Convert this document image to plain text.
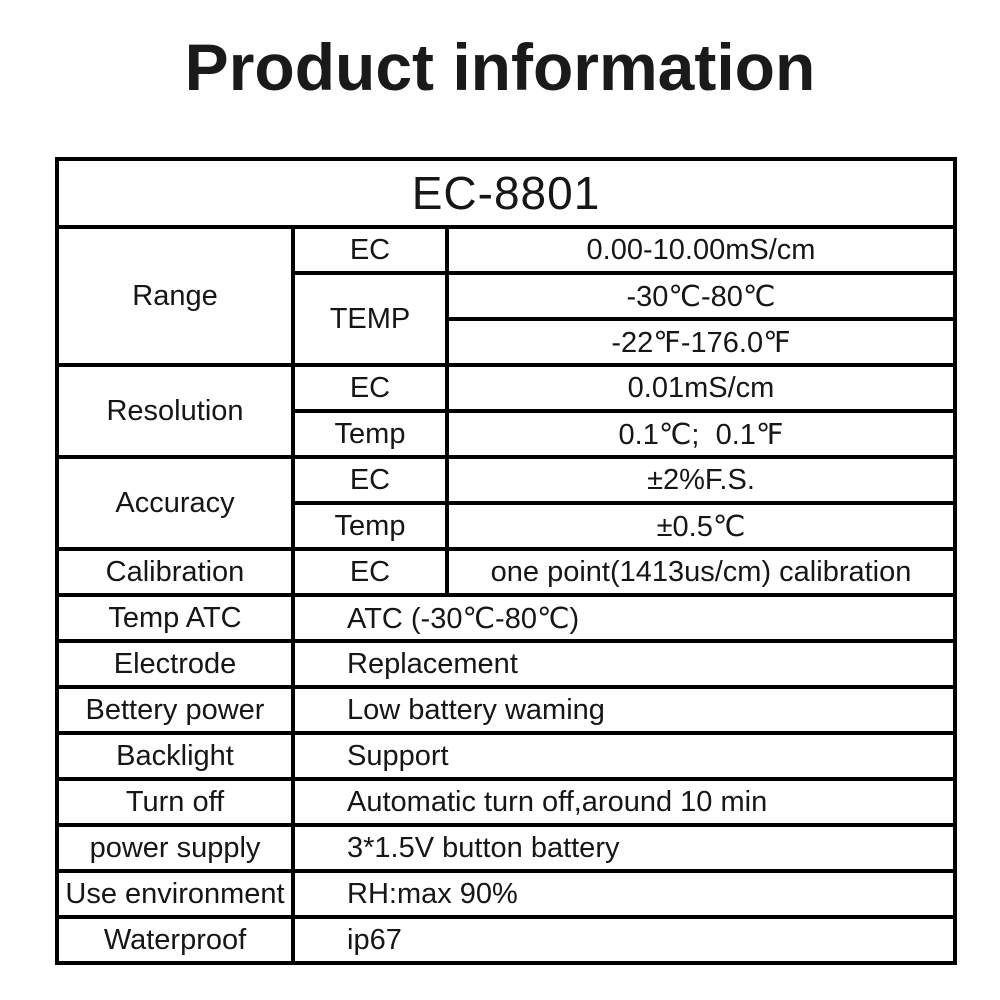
Product information
EC-8801		
Range	EC	0.00-10.00mS/cm
	TEMP	-30℃-80℃
		-22℉-176.0℉
Resolution	EC	0.01mS/cm
	Temp	0.1℃;  0.1℉
Accuracy	EC	±2%F.S.
	Temp	±0.5℃
Calibration	EC	one point(1413us/cm) calibration
Temp ATC	ATC (-30℃-80℃)	
Electrode	Replacement	
Bettery power	Low battery waming	
Backlight	Support	
Turn off	Automatic turn off,around 10 min	
power supply	3*1.5V button battery	
Use environment	RH:max 90%	
Waterproof	ip67	
